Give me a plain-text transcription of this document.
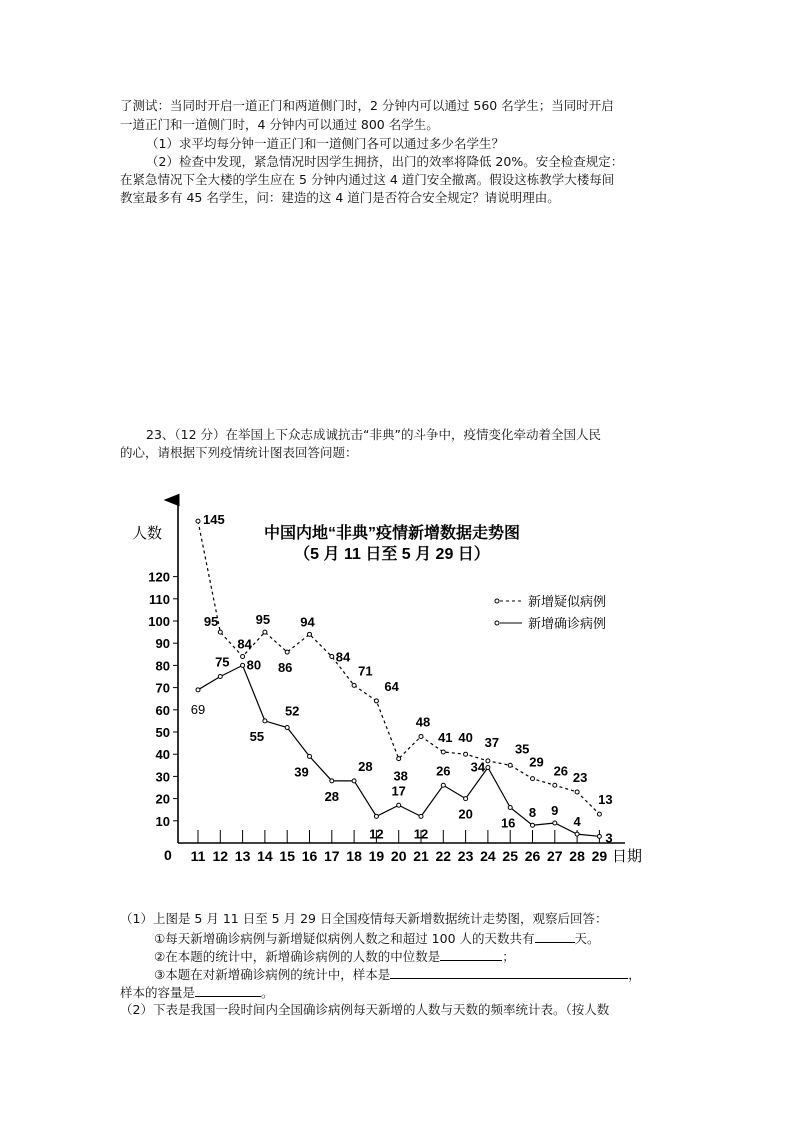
了测试：当同时开启一道正门和两道侧门时，2 分钟内可以通过 560 名学生；当同时开启
一道正门和一道侧门时，4 分钟内可以通过 800 名学生。
（1）求平均每分钟一道正门和一道侧门各可以通过多少名学生？
（2）检查中发现，紧急情况时因学生拥挤，出门的效率将降低 20%。安全检查规定：
在紧急情况下全大楼的学生应在 5 分钟内通过这 4 道门安全撤离。假设这栋教学大楼每间
教室最多有 45 名学生，问：建造的这 4 道门是否符合安全规定？请说明理由。
23、（12 分）在举国上下众志成诚抗击“非典”的斗争中，疫情变化牵动着全国人民
的心，请根据下列疫情统计图表回答问题：
人数
0	日期
中国内地“非典”疫情新增数据走势图
（5 月 11 日至 5 月 29 日）
新增疑似病例
新增确诊病例
10
20
30
40
50
60
70
80
90
100
110
120
11 12 13 14 15 16 17 18 19 20 21 22 23 24 25 26 27 28 29
145
95
84
95
86
94
84
71
64
38
48
41 40 37 35
29
26 23
13
69
75 80
55
52
39
28
28
12
17
12
26
20
34
16
8 9
4
3
（1）上图是 5 月 11 日至 5 月 29 日全国疫情每天新增数据统计走势图，观察后回答：
①每天新增确诊病例与新增疑似病例人数之和超过 100 人的天数共有	天。
②在本题的统计中，新增确诊病例的人数的中位数是	；
③本题在对新增确诊病例的统计中，样本是	，
样本的容量是	。
（2）下表是我国一段时间内全国确诊病例每天新增的人数与天数的频率统计表。（按人数
